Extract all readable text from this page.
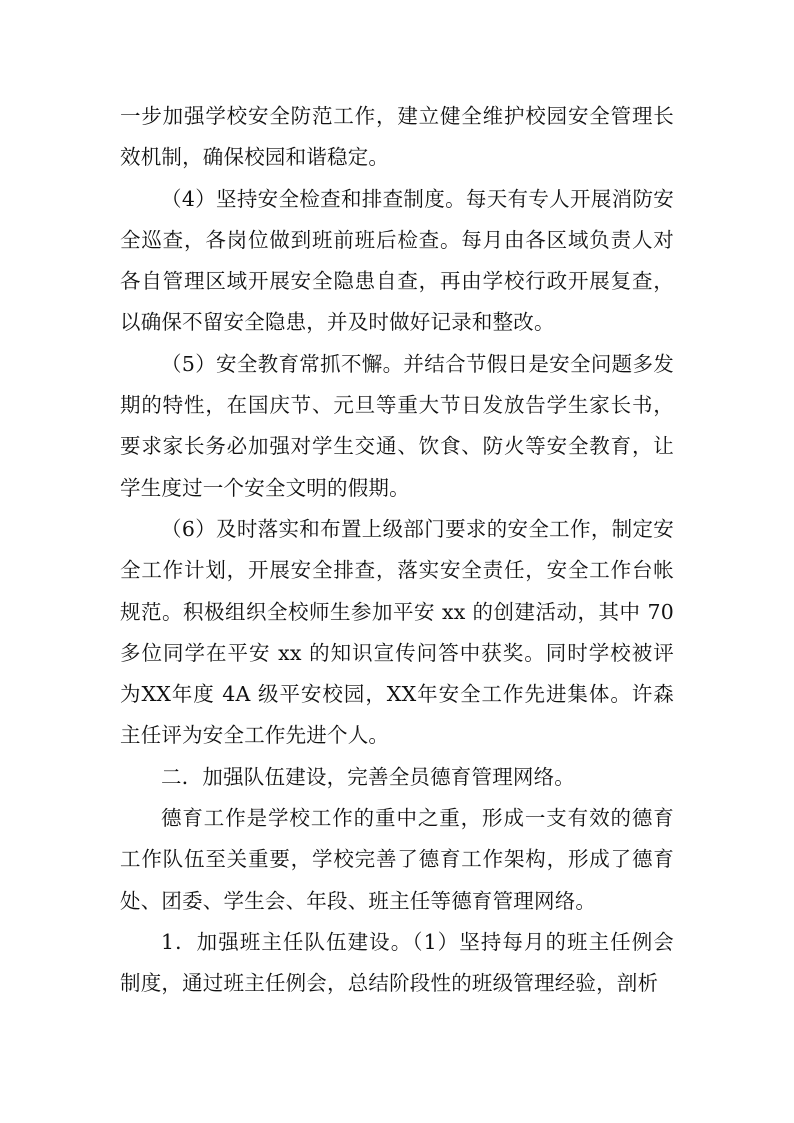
一步加强学校安全防范工作，建立健全维护校园安全管理长效机制，确保校园和谐稳定。

（4）坚持安全检查和排查制度。每天有专人开展消防安全巡查，各岗位做到班前班后检查。每月由各区域负责人对各自管理区域开展安全隐患自查，再由学校行政开展复查，以确保不留安全隐患，并及时做好记录和整改。

（5）安全教育常抓不懈。并结合节假日是安全问题多发期的特性，在国庆节、元旦等重大节日发放告学生家长书，要求家长务必加强对学生交通、饮食、防火等安全教育，让学生度过一个安全文明的假期。

（6）及时落实和布置上级部门要求的安全工作，制定安全工作计划，开展安全排查，落实安全责任，安全工作台帐规范。积极组织全校师生参加平安 xx 的创建活动，其中 70 多位同学在平安 xx 的知识宣传问答中获奖。同时学校被评为XX年度 4A 级平安校园，XX年安全工作先进集体。许森主任评为安全工作先进个人。

二．加强队伍建设，完善全员德育管理网络。

德育工作是学校工作的重中之重，形成一支有效的德育工作队伍至关重要，学校完善了德育工作架构，形成了德育处、团委、学生会、年段、班主任等德育管理网络。

1．加强班主任队伍建设。（1）坚持每月的班主任例会制度，通过班主任例会，总结阶段性的班级管理经验，剖析
